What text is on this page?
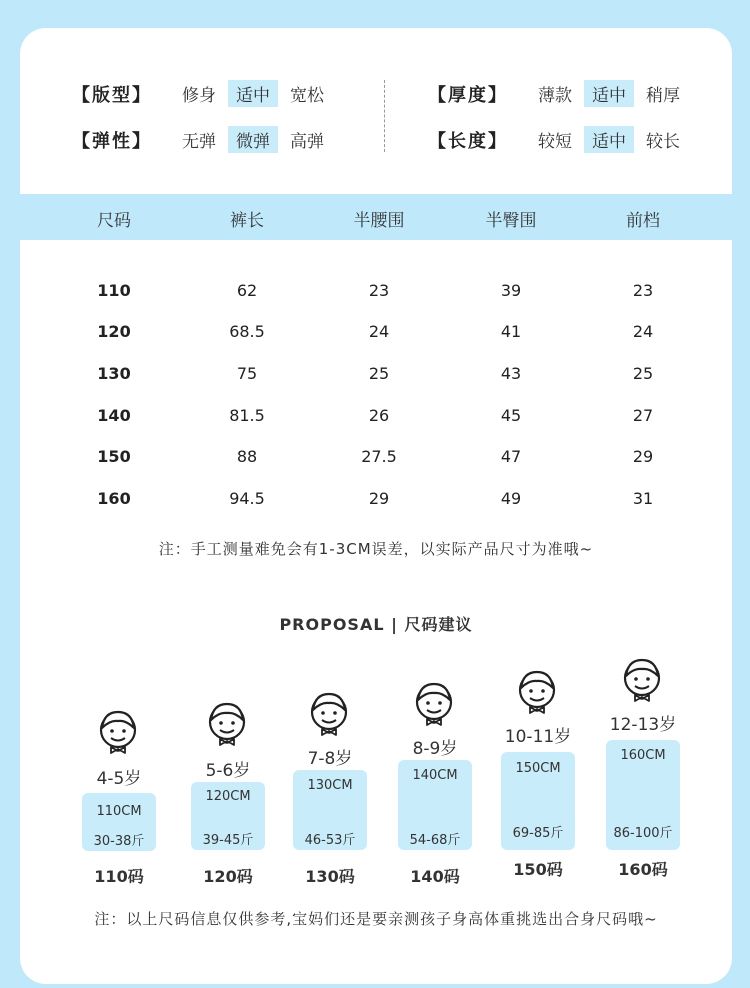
【版型】	修身	适中	宽松	【厚度】	薄款	适中	稍厚
【弹性】	无弹	微弹	高弹	【长度】	较短	适中	较长
尺码	裤长	半腰围	半臀围	前档
110	62	23	39	23
120	68.5	24	41	24
130	75	25	43	25
140	81.5	26	45	27
150	88	27.5	47	29
160	94.5	29	49	31
注：手工测量难免会有1-3CM误差，以实际产品尺寸为准哦~
PROPOSAL | 尺码建议
4-5岁
110CM
30-38斤
110码
5-6岁
120CM
39-45斤
120码
7-8岁
130CM
46-53斤
130码
8-9岁
140CM
54-68斤
140码
10-11岁
150CM
69-85斤
150码
12-13岁
160CM
86-100斤
160码
注：以上尺码信息仅供参考,宝妈们还是要亲测孩子身高体重挑选出合身尺码哦~
